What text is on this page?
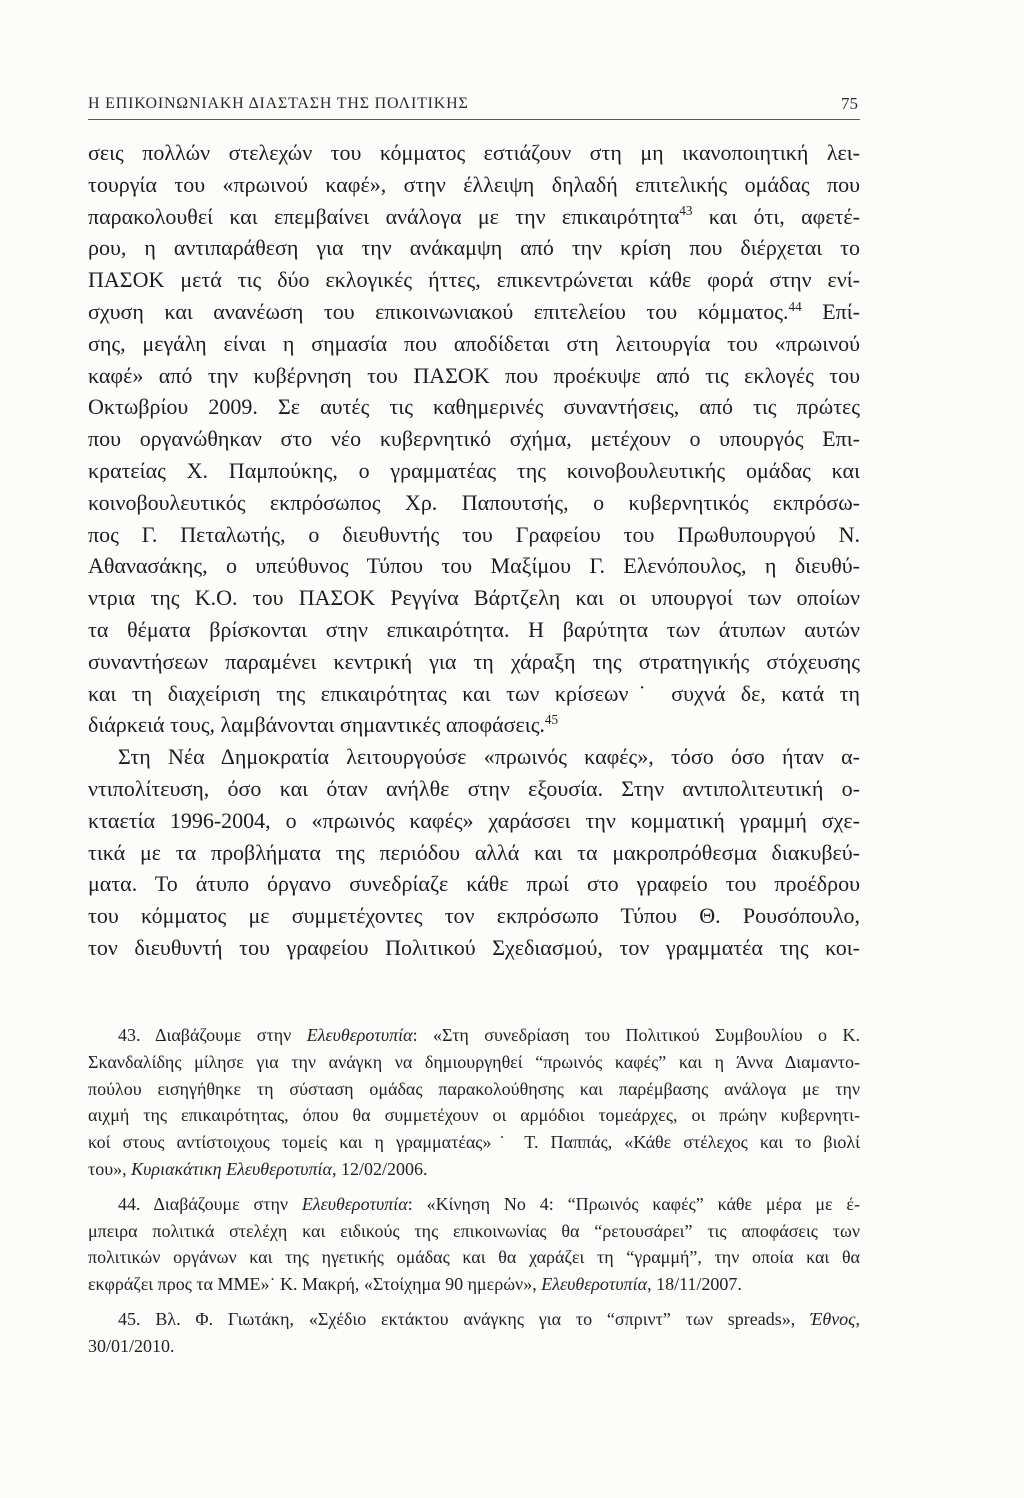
Η ΕΠΙΚΟΙΝΩΝΙΑΚΗ ΔΙΑΣΤΑΣΗ ΤΗΣ ΠΟΛΙΤΙΚΗΣ	75
σεις πολλών στελεχών του κόμματος εστιάζουν στη μη ικανοποιητική λει-
τουργία του «πρωινού καφέ», στην έλλειψη δηλαδή επιτελικής ομάδας που
παρακολουθεί και επεμβαίνει ανάλογα με την επικαιρότητα$^{43}$ και ότι, αφετέ-
ρου, η αντιπαράθεση για την ανάκαμψη από την κρίση που διέρχεται το
ΠΑΣΟΚ μετά τις δύο εκλογικές ήττες, επικεντρώνεται κάθε φορά στην ενί-
σχυση και ανανέωση του επικοινωνιακού επιτελείου του κόμματος.$^{44}$ Επί-
σης, μεγάλη είναι η σημασία που αποδίδεται στη λειτουργία του «πρωινού
καφέ» από την κυβέρνηση του ΠΑΣΟΚ που προέκυψε από τις εκλογές του
Οκτωβρίου 2009. Σε αυτές τις καθημερινές συναντήσεις, από τις πρώτες
που οργανώθηκαν στο νέο κυβερνητικό σχήμα, μετέχουν ο υπουργός Επι-
κρατείας Χ. Παμπούκης, ο γραμματέας της κοινοβουλευτικής ομάδας και
κοινοβουλευτικός εκπρόσωπος Χρ. Παπουτσής, ο κυβερνητικός εκπρόσω-
πος Γ. Πεταλωτής, ο διευθυντής του Γραφείου του Πρωθυπουργού Ν.
Αθανασάκης, ο υπεύθυνος Τύπου του Μαξίμου Γ. Ελενόπουλος, η διευθύ-
ντρια της Κ.Ο. του ΠΑΣΟΚ Ρεγγίνα Βάρτζελη και οι υπουργοί των οποίων
τα θέματα βρίσκονται στην επικαιρότητα. Η βαρύτητα των άτυπων αυτών
συναντήσεων παραμένει κεντρική για τη χάραξη της στρατηγικής στόχευσης
και τη διαχείριση της επικαιρότητας και των κρίσεων˙ συχνά δε, κατά τη
διάρκειά τους, λαμβάνονται σημαντικές αποφάσεις.$^{45}$
Στη Νέα Δημοκρατία λειτουργούσε «πρωινός καφές», τόσο όσο ήταν α-
ντιπολίτευση, όσο και όταν ανήλθε στην εξουσία. Στην αντιπολιτευτική ο-
κταετία 1996-2004, ο «πρωινός καφές» χαράσσει την κομματική γραμμή σχε-
τικά με τα προβλήματα της περιόδου αλλά και τα μακροπρόθεσμα διακυβεύ-
ματα. Το άτυπο όργανο συνεδρίαζε κάθε πρωί στο γραφείο του προέδρου
του κόμματος με συμμετέχοντες τον εκπρόσωπο Τύπου Θ. Ρουσόπουλο,
τον διευθυντή του γραφείου Πολιτικού Σχεδιασμού, τον γραμματέα της κοι-
43. Διαβάζουμε στην Ελευθεροτυπία: «Στη συνεδρίαση του Πολιτικού Συμβουλίου ο Κ.
Σκανδαλίδης μίλησε για την ανάγκη να δημιουργηθεί “πρωινός καφές” και η Άννα Διαμαντο-
πούλου εισηγήθηκε τη σύσταση ομάδας παρακολούθησης και παρέμβασης ανάλογα με την
αιχμή της επικαιρότητας, όπου θα συμμετέχουν οι αρμόδιοι τομεάρχες, οι πρώην κυβερνητι-
κοί στους αντίστοιχους τομείς και η γραμματέας»˙ Τ. Παππάς, «Κάθε στέλεχος και το βιολί
του», Κυριακάτικη Ελευθεροτυπία, 12/02/2006.
44. Διαβάζουμε στην Ελευθεροτυπία: «Κίνηση Νο 4: “Πρωινός καφές” κάθε μέρα με έ-
μπειρα πολιτικά στελέχη και ειδικούς της επικοινωνίας θα “ρετουσάρει” τις αποφάσεις των
πολιτικών οργάνων και της ηγετικής ομάδας και θα χαράζει τη “γραμμή”, την οποία και θα
εκφράζει προς τα ΜΜΕ»˙ Κ. Μακρή, «Στοίχημα 90 ημερών», Ελευθεροτυπία, 18/11/2007.
45. Βλ. Φ. Γιωτάκη, «Σχέδιο εκτάκτου ανάγκης για το “σπριντ” των spreads», Έθνος,
30/01/2010.
